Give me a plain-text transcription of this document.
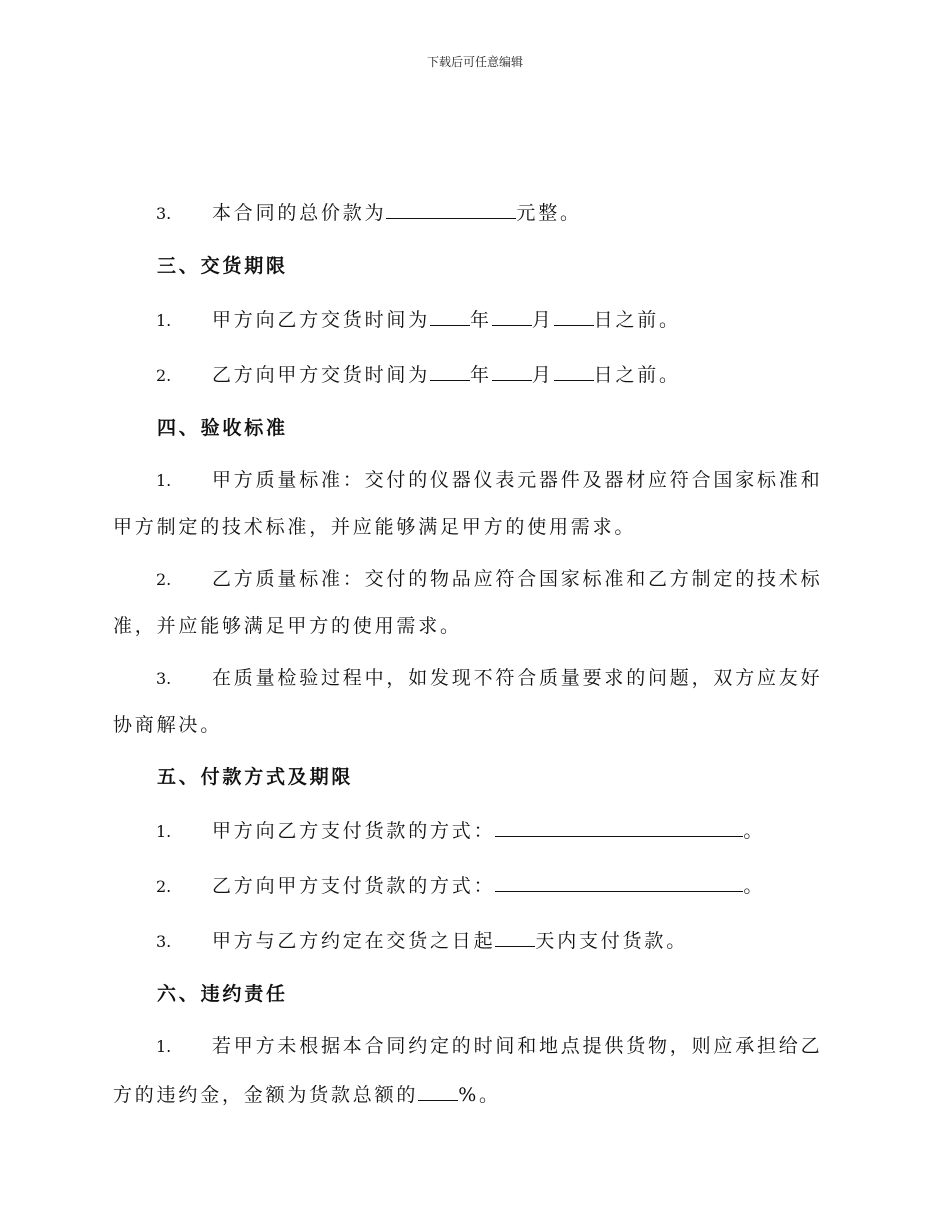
下载后可任意编辑
3. 本合同的总价款为	元整。
三、交货期限
1. 甲方向乙方交货时间为 年 月 日之前。
2. 乙方向甲方交货时间为 年 月 日之前。
四、验收标准
1. 甲方质量标准：交付的仪器仪表元器件及器材应符合国家标准和
甲方制定的技术标准，并应能够满足甲方的使用需求。
2. 乙方质量标准：交付的物品应符合国家标准和乙方制定的技术标
准，并应能够满足甲方的使用需求。
3. 在质量检验过程中，如发现不符合质量要求的问题，双方应友好
协商解决。
五、付款方式及期限
1. 甲方向乙方支付货款的方式：	。
2. 乙方向甲方支付货款的方式：	。
3. 甲方与乙方约定在交货之日起 天内支付货款。
六、违约责任
1. 若甲方未根据本合同约定的时间和地点提供货物，则应承担给乙
方的违约金，金额为货款总额的 %。
